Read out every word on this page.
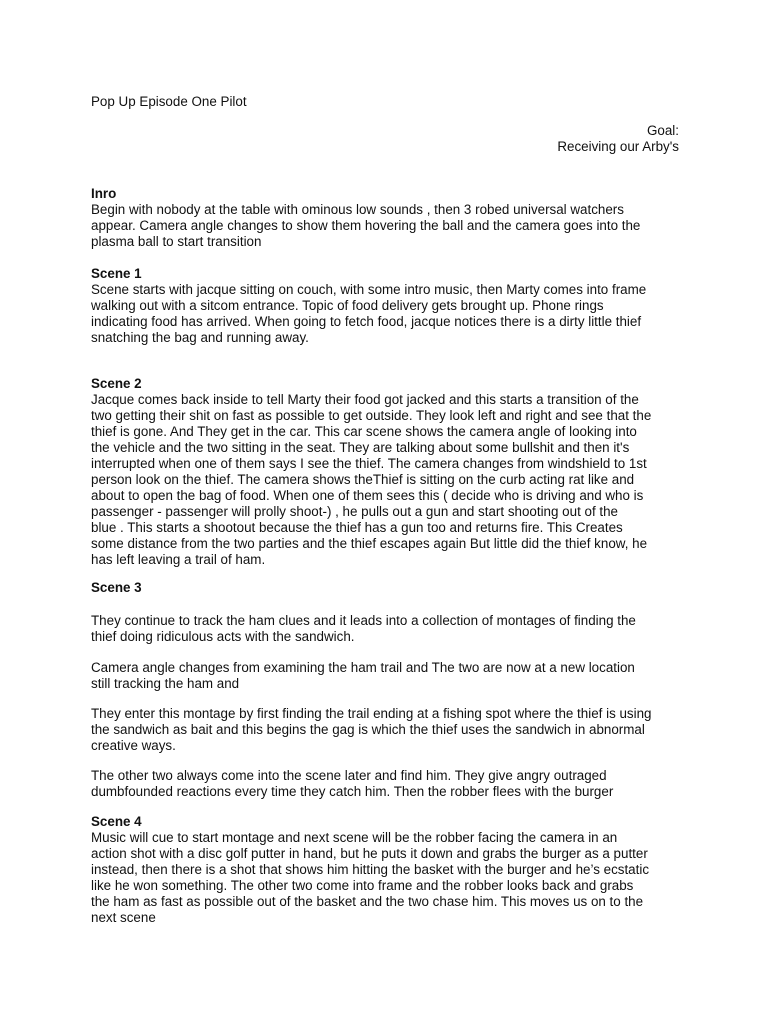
Pop Up Episode One Pilot
Goal:
Receiving our Arby's
Inro
Begin with nobody at the table with ominous low sounds , then 3 robed universal watchers
appear. Camera angle changes to show them hovering the ball and the camera goes into the
plasma ball to start transition
Scene 1
Scene starts with jacque sitting on couch, with some intro music, then Marty comes into frame
walking out with a sitcom entrance. Topic of food delivery gets brought up. Phone rings
indicating food has arrived. When going to fetch food, jacque notices there is a dirty little thief
snatching the bag and running away.
Scene 2
Jacque comes back inside to tell Marty their food got jacked and this starts a transition of the
two getting their shit on fast as possible to get outside. They look left and right and see that the
thief is gone. And They get in the car. This car scene shows the camera angle of looking into
the vehicle and the two sitting in the seat. They are talking about some bullshit and then it's
interrupted when one of them says I see the thief. The camera changes from windshield to 1st
person look on the thief. The camera shows theThief is sitting on the curb acting rat like and
about to open the bag of food. When one of them sees this ( decide who is driving and who is
passenger - passenger will prolly shoot-) , he pulls out a gun and start shooting out of the
blue . This starts a shootout because the thief has a gun too and returns fire. This Creates
some distance from the two parties and the thief escapes again But little did the thief know, he
has left leaving a trail of ham.
Scene 3
They continue to track the ham clues and it leads into a collection of montages of finding the
thief doing ridiculous acts with the sandwich.
Camera angle changes from examining the ham trail and The two are now at a new location
still tracking the ham and
They enter this montage by first finding the trail ending at a fishing spot where the thief is using
the sandwich as bait and this begins the gag is which the thief uses the sandwich in abnormal
creative ways.
The other two always come into the scene later and find him. They give angry outraged
dumbfounded reactions every time they catch him. Then the robber flees with the burger
Scene 4
Music will cue to start montage and next scene will be the robber facing the camera in an
action shot with a disc golf putter in hand, but he puts it down and grabs the burger as a putter
instead, then there is a shot that shows him hitting the basket with the burger and he’s ecstatic
like he won something. The other two come into frame and the robber looks back and grabs
the ham as fast as possible out of the basket and the two chase him. This moves us on to the
next scene
